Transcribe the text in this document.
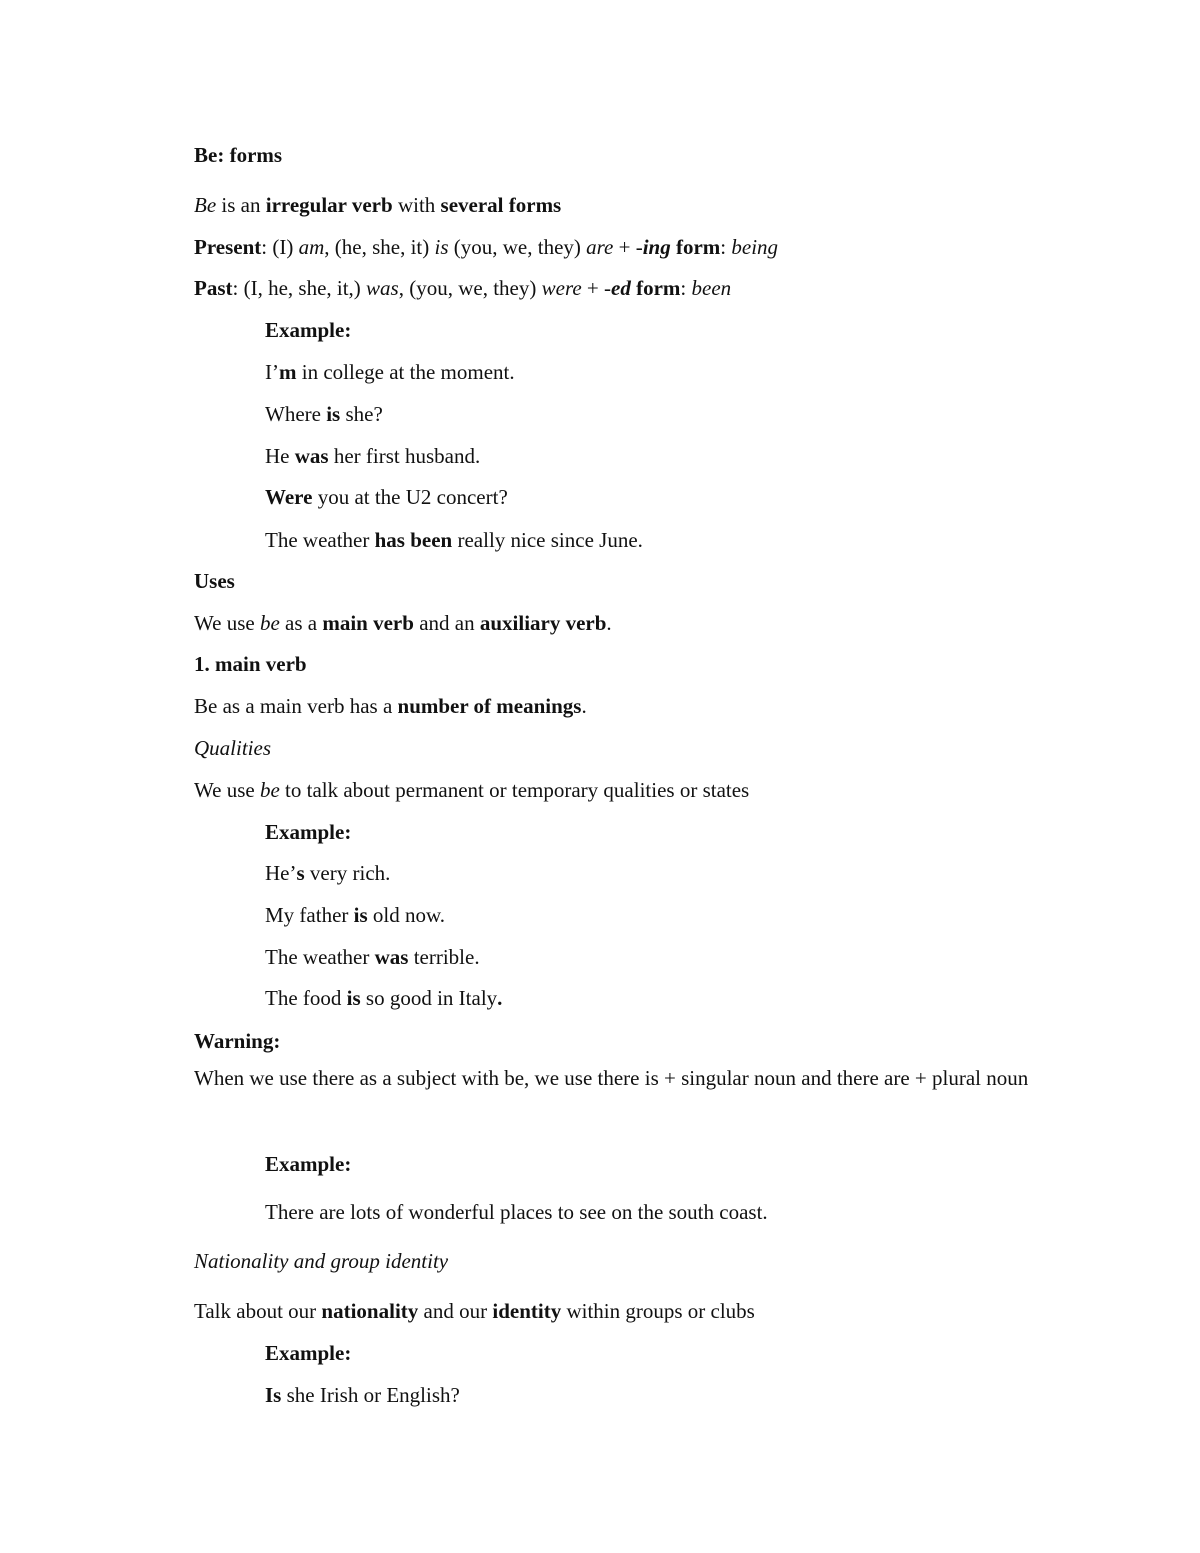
Be: forms
Be is an irregular verb with several forms
Present: (I) am, (he, she, it) is (you, we, they) are + -ing form: being
Past: (I, he, she, it,) was, (you, we, they) were + -ed form: been
Example:
I’m in college at the moment.
Where is she?
He was her first husband.
Were you at the U2 concert?
The weather has been really nice since June.
Uses
We use be as a main verb and an auxiliary verb.
1. main verb
Be as a main verb has a number of meanings.
Qualities
We use be to talk about permanent or temporary qualities or states
Example:
He’s very rich.
My father is old now.
The weather was terrible.
The food is so good in Italy.
Warning:
When we use there as a subject with be, we use there is + singular noun and there are + plural noun
Example:
There are lots of wonderful places to see on the south coast.
Nationality and group identity
Talk about our nationality and our identity within groups or clubs
Example:
Is she Irish or English?
